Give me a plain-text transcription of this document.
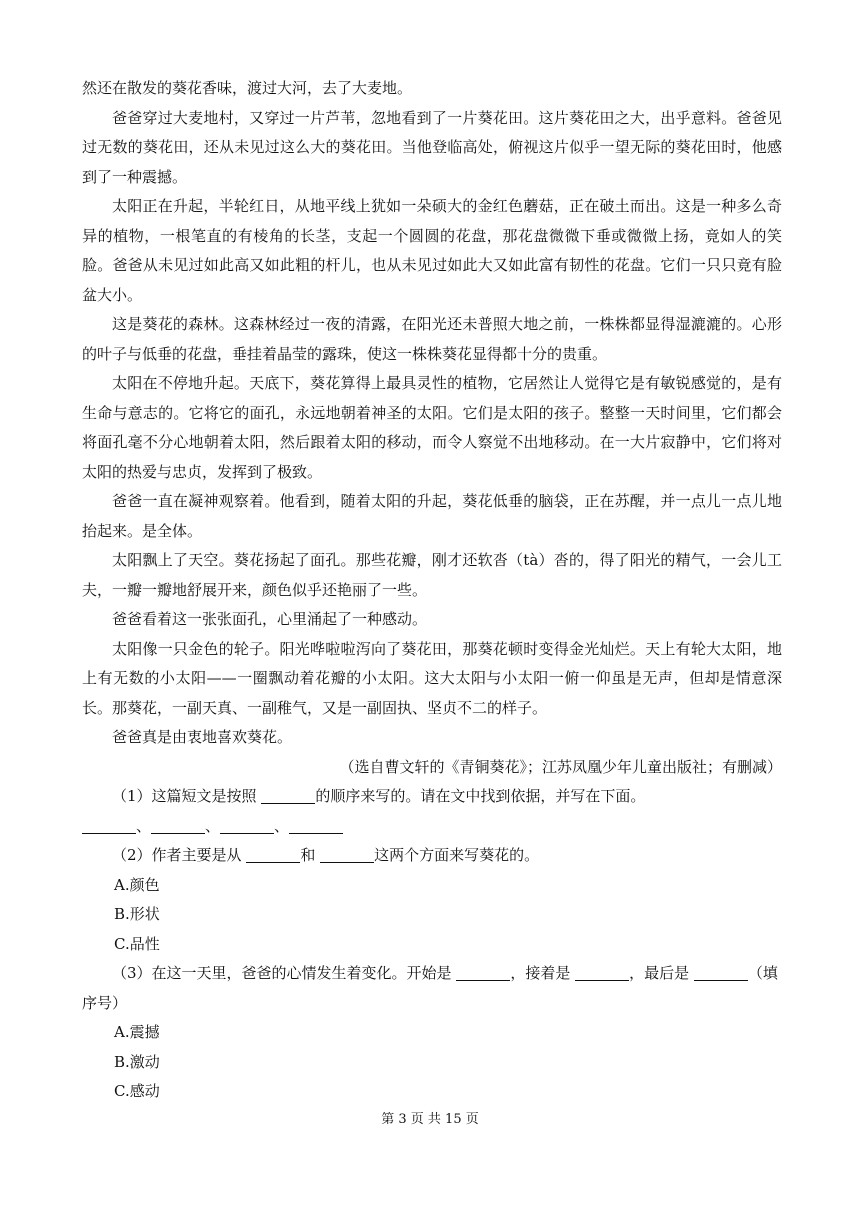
然还在散发的葵花香味，渡过大河，去了大麦地。

爸爸穿过大麦地村，又穿过一片芦苇，忽地看到了一片葵花田。这片葵花田之大，出乎意料。爸爸见过无数的葵花田，还从未见过这么大的葵花田。当他登临高处，俯视这片似乎一望无际的葵花田时，他感到了一种震撼。

太阳正在升起，半轮红日，从地平线上犹如一朵硕大的金红色蘑菇，正在破土而出。这是一种多么奇异的植物，一根笔直的有棱角的长茎，支起一个圆圆的花盘，那花盘微微下垂或微微上扬，竟如人的笑脸。爸爸从未见过如此高又如此粗的杆儿，也从未见过如此大又如此富有韧性的花盘。它们一只只竟有脸盆大小。

这是葵花的森林。这森林经过一夜的清露，在阳光还未普照大地之前，一株株都显得湿漉漉的。心形的叶子与低垂的花盘，垂挂着晶莹的露珠，使这一株株葵花显得都十分的贵重。

太阳在不停地升起。天底下，葵花算得上最具灵性的植物，它居然让人觉得它是有敏锐感觉的，是有生命与意志的。它将它的面孔，永远地朝着神圣的太阳。它们是太阳的孩子。整整一天时间里，它们都会将面孔毫不分心地朝着太阳，然后跟着太阳的移动，而令人察觉不出地移动。在一大片寂静中，它们将对太阳的热爱与忠贞，发挥到了极致。

爸爸一直在凝神观察着。他看到，随着太阳的升起，葵花低垂的脑袋，正在苏醒，并一点儿一点儿地抬起来。是全体。

太阳飘上了天空。葵花扬起了面孔。那些花瓣，刚才还软沓（tà）沓的，得了阳光的精气，一会儿工夫，一瓣一瓣地舒展开来，颜色似乎还艳丽了一些。

爸爸看着这一张张面孔，心里涌起了一种感动。

太阳像一只金色的轮子。阳光哗啦啦泻向了葵花田，那葵花顿时变得金光灿烂。天上有轮大太阳，地上有无数的小太阳——一圈飘动着花瓣的小太阳。这大太阳与小太阳一俯一仰虽是无声，但却是情意深长。那葵花，一副天真、一副稚气，又是一副固执、坚贞不二的样子。

爸爸真是由衷地喜欢葵花。

（选自曹文轩的《青铜葵花》；江苏凤凰少年儿童出版社；有删减）

（1）这篇短文是按照	的顺序来写的。请在文中找到依据，并写在下面。

、	、	、

（2）作者主要是从	和	这两个方面来写葵花的。

A.颜色

B.形状

C.品性

（3）在这一天里，爸爸的心情发生着变化。开始是	，接着是	，最后是	（填序号）

A.震撼

B.激动

C.感动

第 3 页 共 15 页
